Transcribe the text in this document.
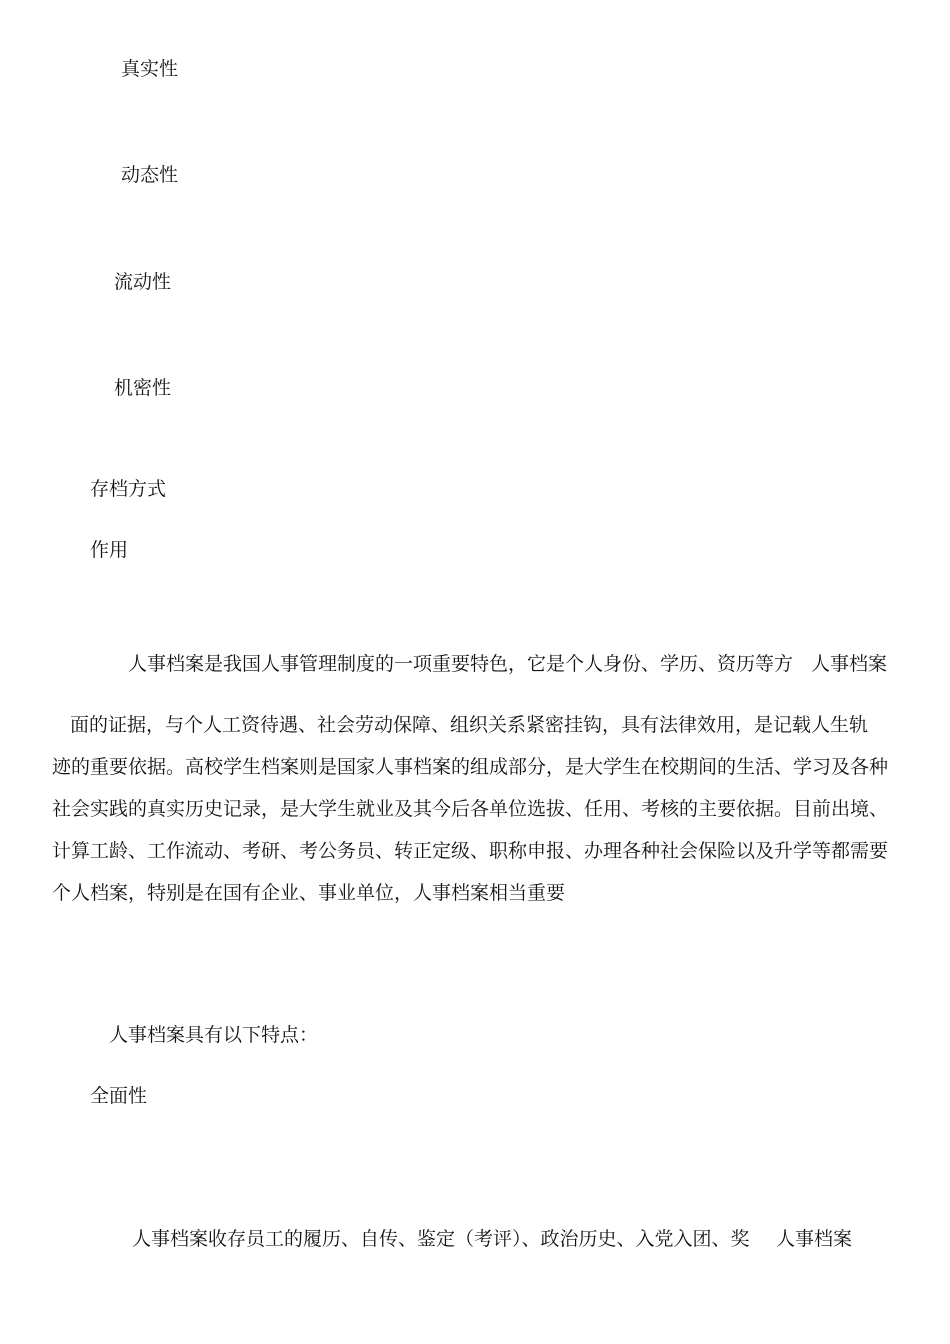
真实性
动态性
流动性
机密性
存档方式
作用
人事档案是我国人事管理制度的一项重要特色，它是个人身份、学历、资历等方 人事档案
面的证据，与个人工资待遇、社会劳动保障、组织关系紧密挂钩，具有法律效用，是记载人生轨
迹的重要依据。高校学生档案则是国家人事档案的组成部分，是大学生在校期间的生活、学习及各种
社会实践的真实历史记录，是大学生就业及其今后各单位选拔、任用、考核的主要依据。目前出境、
计算工龄、工作流动、考研、考公务员、转正定级、职称申报、办理各种社会保险以及升学等都需要
个人档案，特别是在国有企业、事业单位，人事档案相当重要
人事档案具有以下特点：
全面性
人事档案收存员工的履历、自传、鉴定（考评）、政治历史、入党入团、奖 人事档案
